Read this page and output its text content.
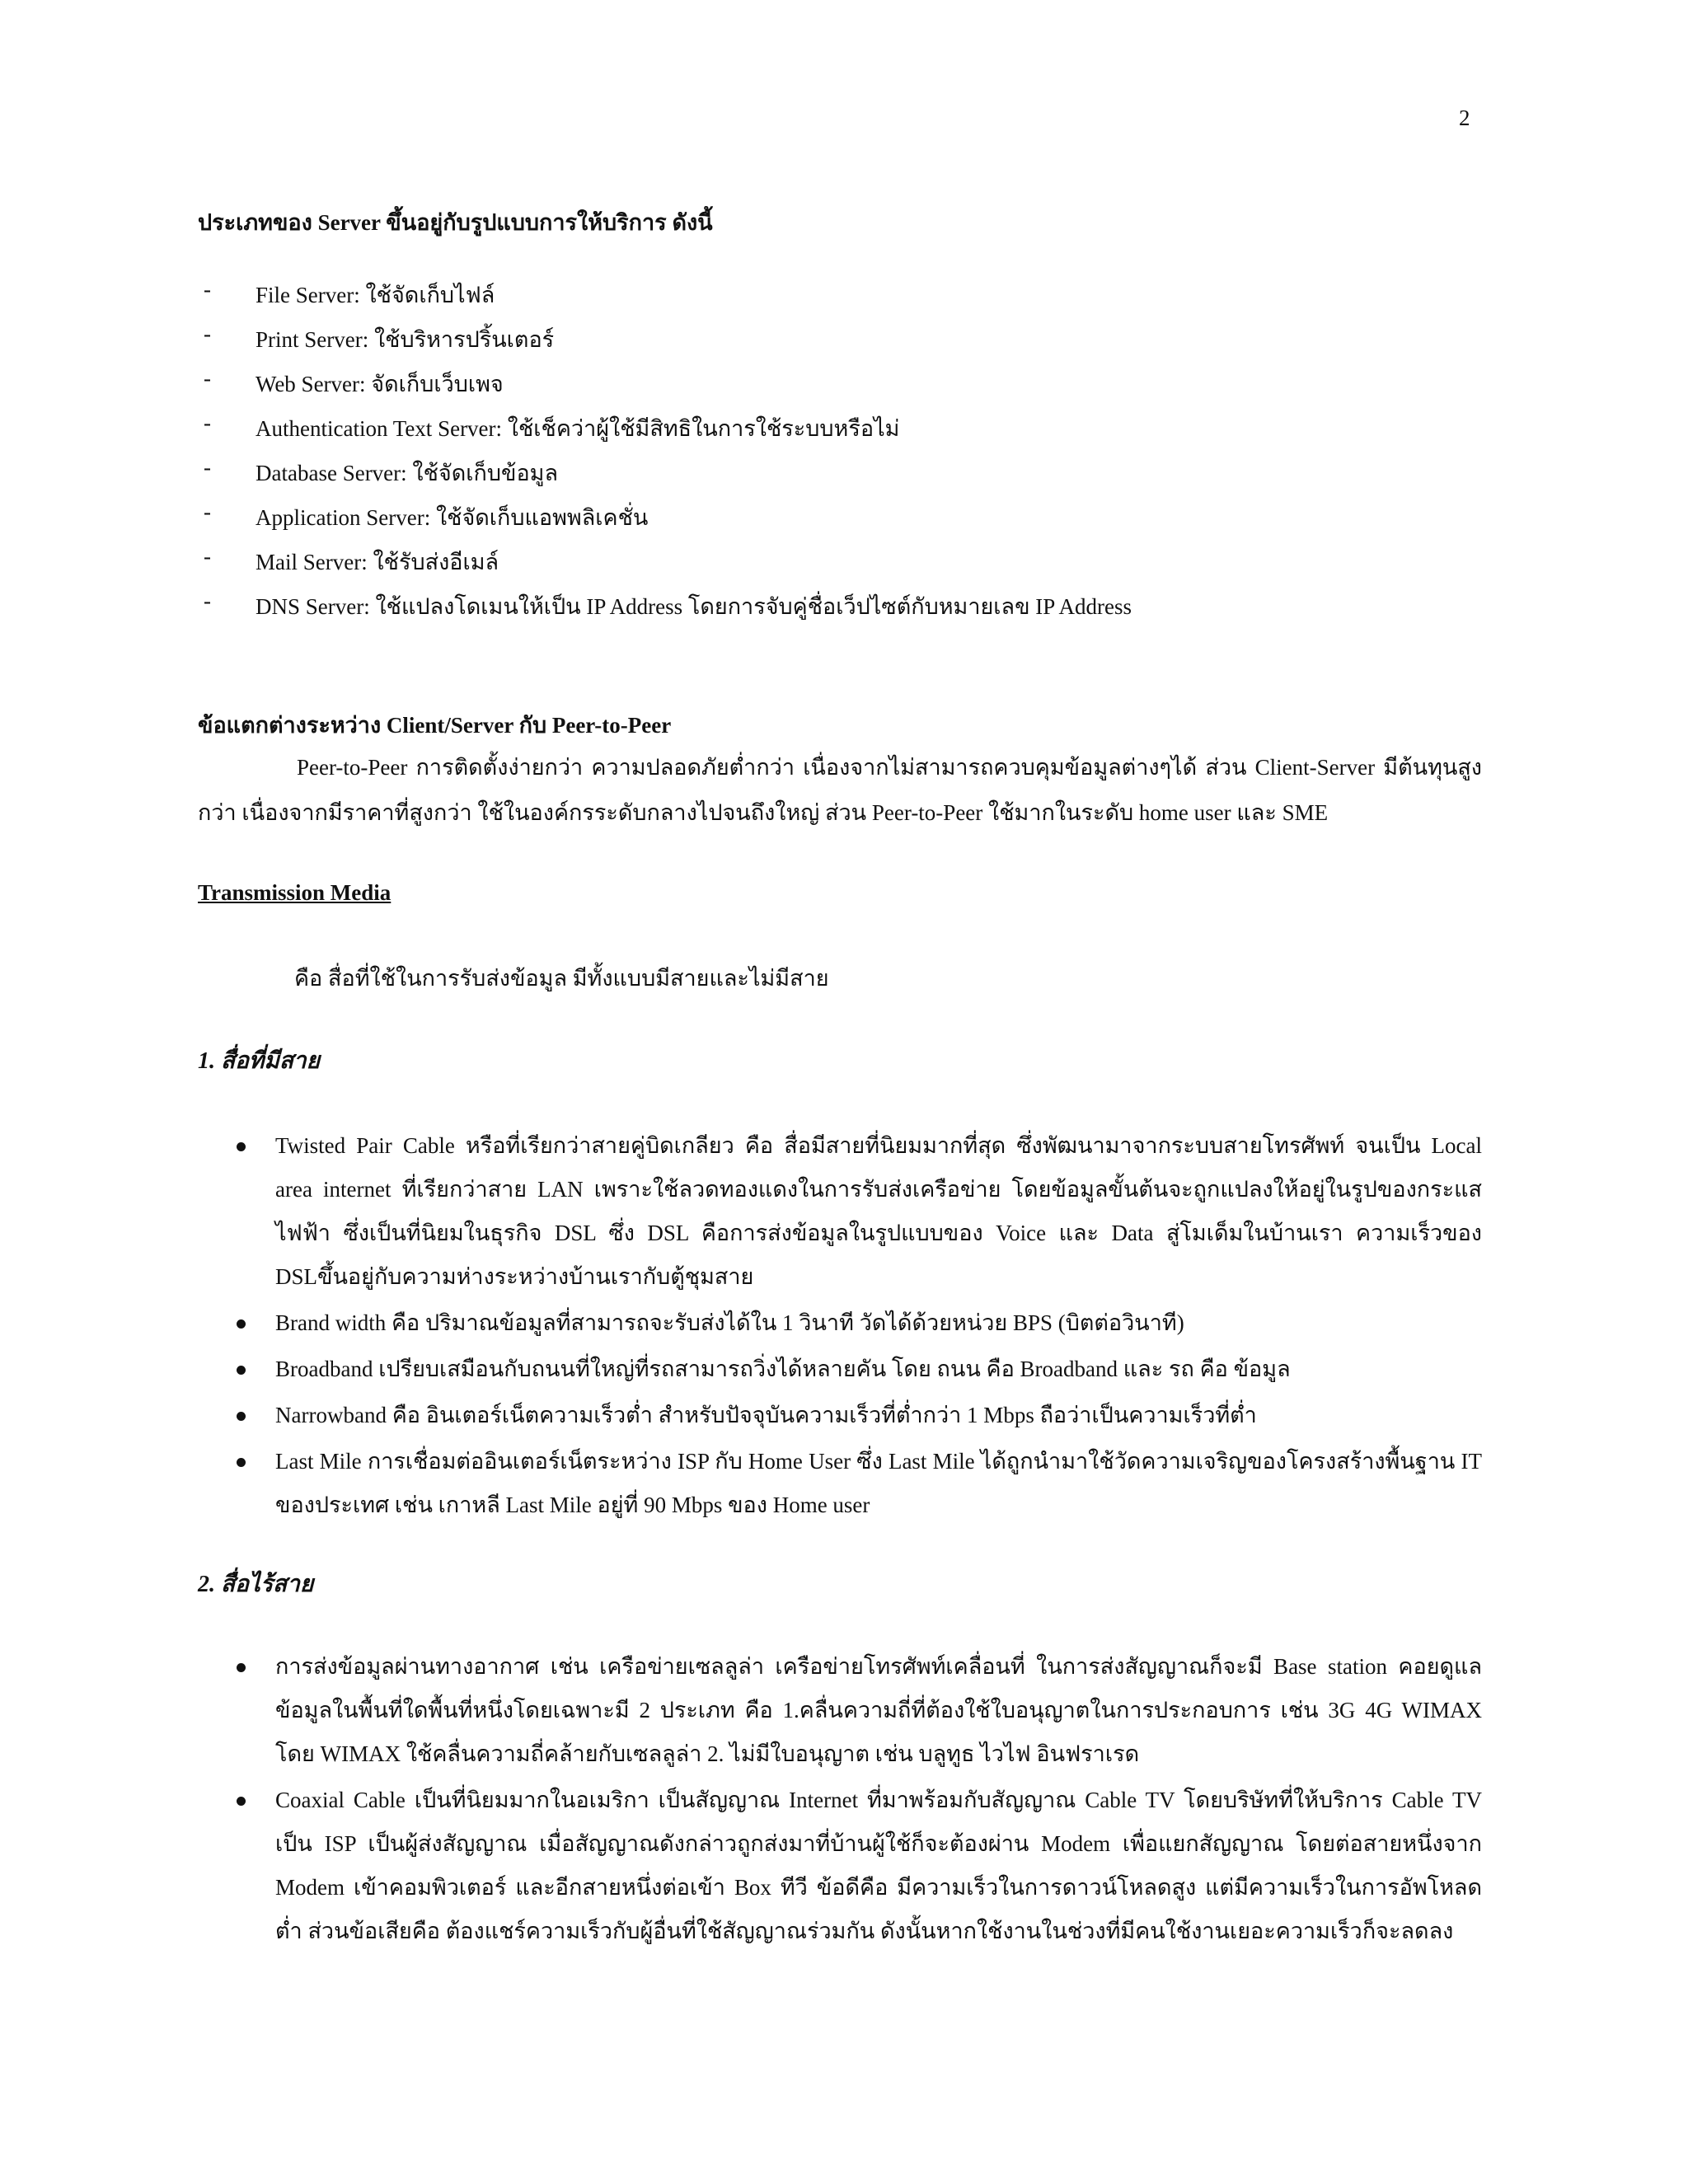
2
ประเภทของ Server ขึ้นอยู่กับรูปแบบการให้บริการ ดังนี้
- File Server: ใช้จัดเก็บไฟล์
- Print Server: ใช้บริหารปริ้นเตอร์
- Web Server: จัดเก็บเว็บเพจ
- Authentication Text Server: ใช้เช็คว่าผู้ใช้มีสิทธิในการใช้ระบบหรือไม่
- Database Server: ใช้จัดเก็บข้อมูล
- Application Server: ใช้จัดเก็บแอพพลิเคชั่น
- Mail Server: ใช้รับส่งอีเมล์
- DNS Server: ใช้แปลงโดเมนให้เป็น IP Address โดยการจับคู่ชื่อเว็ปไซต์กับหมายเลข IP Address
ข้อแตกต่างระหว่าง Client/Server กับ Peer-to-Peer
Peer-to-Peer การติดตั้งง่ายกว่า ความปลอดภัยต่ำกว่า เนื่องจากไม่สามารถควบคุมข้อมูลต่างๆได้ ส่วน Client-Server มีต้นทุนสูงกว่า เนื่องจากมีราคาที่สูงกว่า ใช้ในองค์กรระดับกลางไปจนถึงใหญ่ ส่วน Peer-to-Peer ใช้มากในระดับ home user และ SME
Transmission Media
คือ สื่อที่ใช้ในการรับส่งข้อมูล มีทั้งแบบมีสายและไม่มีสาย
1. สื่อที่มีสาย
Twisted Pair Cable หรือที่เรียกว่าสายคู่บิดเกลียว คือ สื่อมีสายที่นิยมมากที่สุด ซึ่งพัฒนามาจากระบบสายโทรศัพท์ จนเป็น Local area internet ที่เรียกว่าสาย LAN เพราะใช้ลวดทองแดงในการรับส่งเครือข่าย โดยข้อมูลขั้นต้นจะถูกแปลงให้อยู่ในรูปของกระแสไฟฟ้า ซึ่งเป็นที่นิยมในธุรกิจ DSL ซึ่ง DSL คือการส่งข้อมูลในรูปแบบของ Voice และ Data สู่โมเด็มในบ้านเรา ความเร็วของ DSLขึ้นอยู่กับความห่างระหว่างบ้านเรากับตู้ชุมสาย
Brand width คือ ปริมาณข้อมูลที่สามารถจะรับส่งได้ใน 1 วินาที วัดได้ด้วยหน่วย BPS (บิตต่อวินาที)
Broadband เปรียบเสมือนกับถนนที่ใหญ่ที่รถสามารถวิ่งได้หลายคัน โดย ถนน คือ Broadband และ รถ คือ ข้อมูล
Narrowband คือ อินเตอร์เน็ตความเร็วต่ำ สำหรับปัจจุบันความเร็วที่ต่ำกว่า 1 Mbps ถือว่าเป็นความเร็วที่ต่ำ
Last Mile การเชื่อมต่ออินเตอร์เน็ตระหว่าง ISP กับ Home User ซึ่ง Last Mile ได้ถูกนำมาใช้วัดความเจริญของโครงสร้างพื้นฐาน IT ของประเทศ เช่น เกาหลี Last Mile อยู่ที่ 90 Mbps ของ Home user
2. สื่อไร้สาย
การส่งข้อมูลผ่านทางอากาศ เช่น เครือข่ายเซลลูล่า เครือข่ายโทรศัพท์เคลื่อนที่ ในการส่งสัญญาณก็จะมี Base station คอยดูแลข้อมูลในพื้นที่ใดพื้นที่หนึ่งโดยเฉพาะมี 2 ประเภท คือ 1.คลื่นความถี่ที่ต้องใช้ใบอนุญาตในการประกอบการ เช่น 3G 4G WIMAX โดย WIMAX ใช้คลื่นความถี่คล้ายกับเซลลูล่า 2. ไม่มีใบอนุญาต เช่น บลูทูธ ไวไฟ อินฟราเรด
Coaxial Cable เป็นที่นิยมมากในอเมริกา เป็นสัญญาณ Internet ที่มาพร้อมกับสัญญาณ Cable TV โดยบริษัทที่ให้บริการ Cable TV เป็น ISP เป็นผู้ส่งสัญญาณ เมื่อสัญญาณดังกล่าวถูกส่งมาที่บ้านผู้ใช้ก็จะต้องผ่าน Modem เพื่อแยกสัญญาณ โดยต่อสายหนึ่งจาก Modem เข้าคอมพิวเตอร์ และอีกสายหนึ่งต่อเข้า Box ทีวี ข้อดีคือ มีความเร็วในการดาวน์โหลดสูง แต่มีความเร็วในการอัพโหลดต่ำ ส่วนข้อเสียคือ ต้องแชร์ความเร็วกับผู้อื่นที่ใช้สัญญาณร่วมกัน ดังนั้นหากใช้งานในช่วงที่มีคนใช้งานเยอะความเร็วก็จะลดลง
